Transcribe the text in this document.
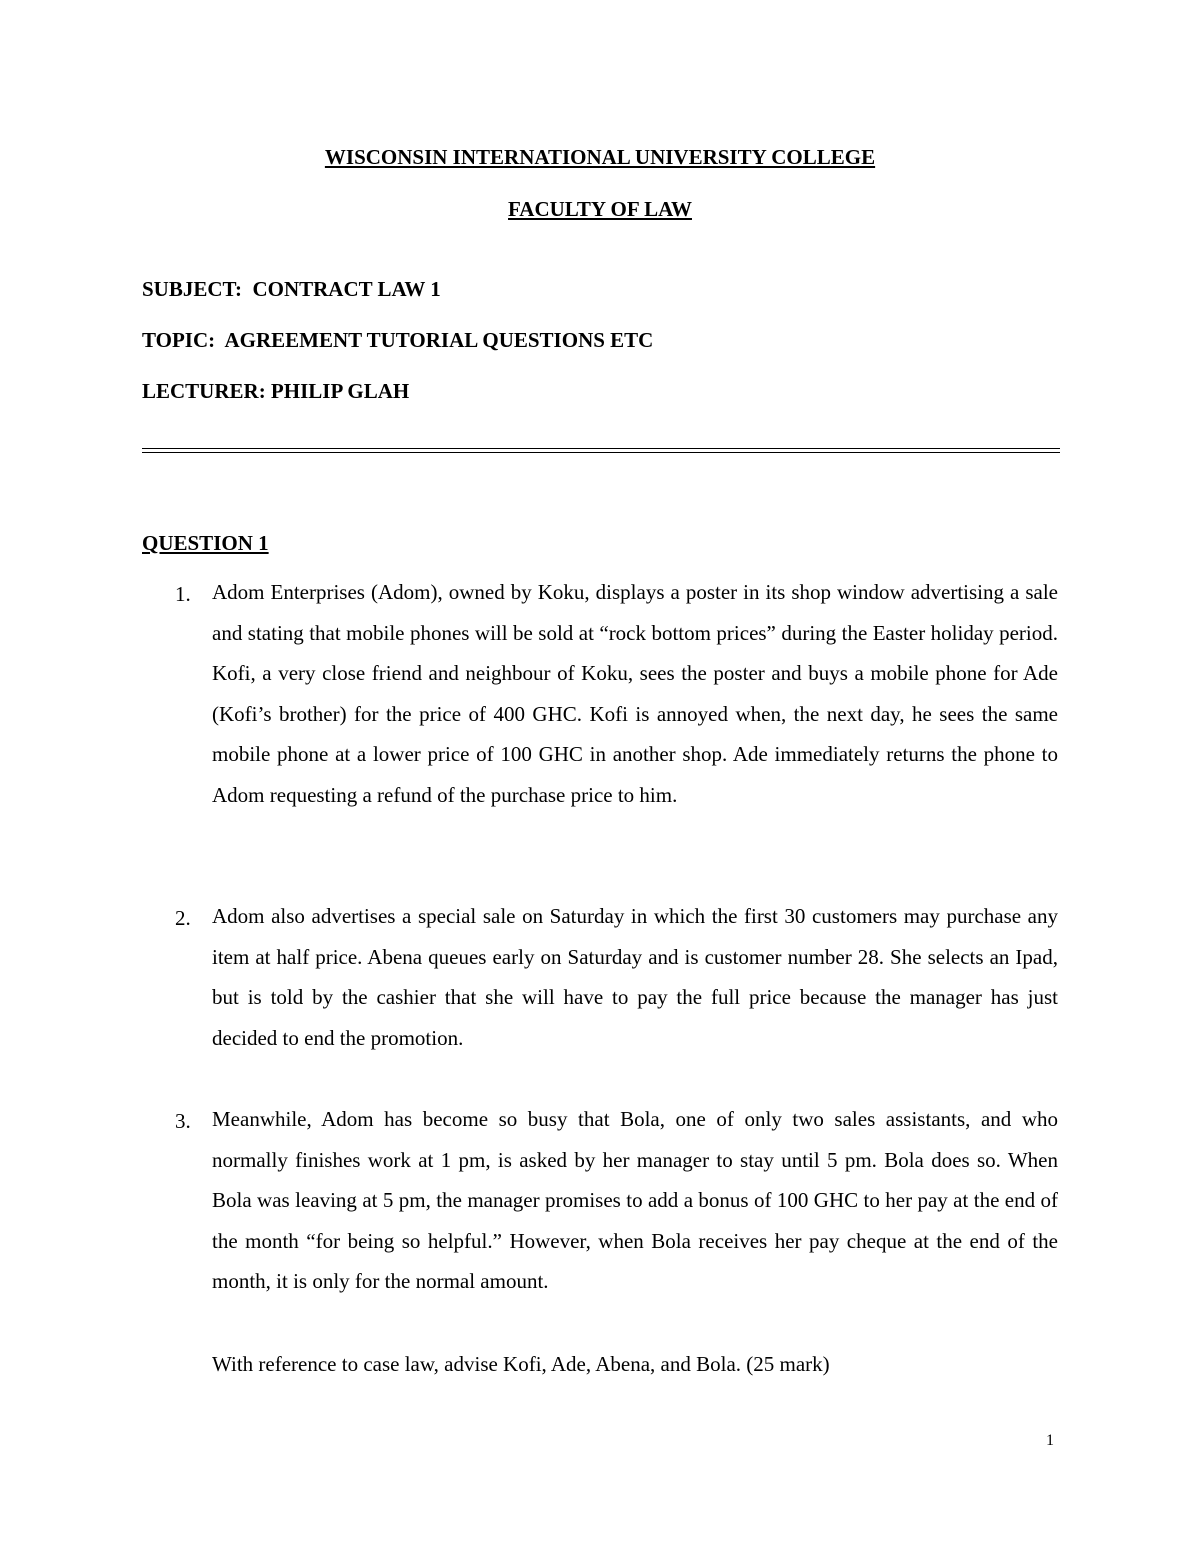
WISCONSIN INTERNATIONAL UNIVERSITY COLLEGE
FACULTY OF LAW
SUBJECT:  CONTRACT LAW 1
TOPIC:  AGREEMENT TUTORIAL QUESTIONS ETC
LECTURER: PHILIP GLAH
QUESTION 1
1. Adom Enterprises (Adom), owned by Koku, displays a poster in its shop window advertising a sale and stating that mobile phones will be sold at “rock bottom prices” during the Easter holiday period. Kofi, a very close friend and neighbour of Koku, sees the poster and buys a mobile phone for Ade (Kofi’s brother) for the price of 400 GHC. Kofi is annoyed when, the next day, he sees the same mobile phone at a lower price of 100 GHC in another shop. Ade immediately returns the phone to Adom requesting a refund of the purchase price to him.

2. Adom also advertises a special sale on Saturday in which the first 30 customers may purchase any item at half price. Abena queues early on Saturday and is customer number 28. She selects an Ipad, but is told by the cashier that she will have to pay the full price because the manager has just decided to end the promotion.

3. Meanwhile, Adom has become so busy that Bola, one of only two sales assistants, and who normally finishes work at 1 pm, is asked by her manager to stay until 5 pm. Bola does so. When Bola was leaving at 5 pm, the manager promises to add a bonus of 100 GHC to her pay at the end of the month “for being so helpful.” However, when Bola receives her pay cheque at the end of the month, it is only for the normal amount.

With reference to case law, advise Kofi, Ade, Abena, and Bola. (25 mark)

1
